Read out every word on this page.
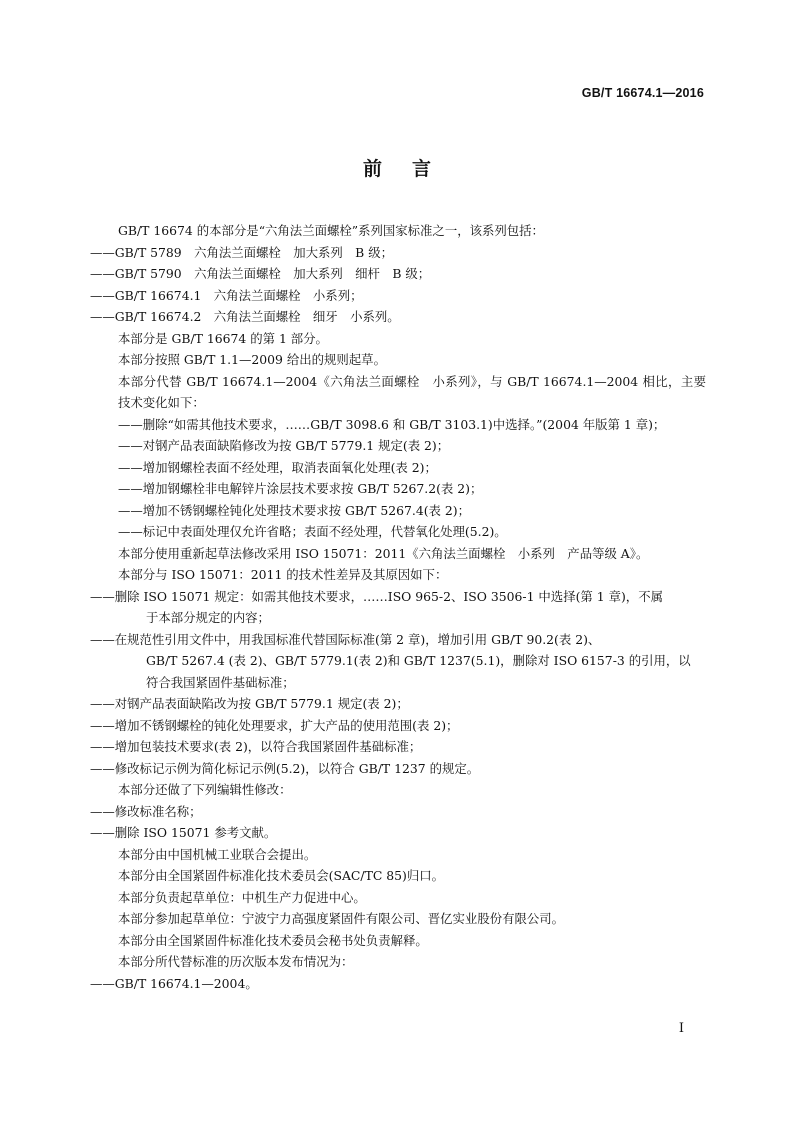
GB/T 16674.1—2016
前言
GB/T 16674 的本部分是“六角法兰面螺栓”系列国家标准之一，该系列包括：
——GB/T 5789　六角法兰面螺栓　加大系列　B 级；
——GB/T 5790　六角法兰面螺栓　加大系列　细杆　B 级；
——GB/T 16674.1　六角法兰面螺栓　小系列；
——GB/T 16674.2　六角法兰面螺栓　细牙　小系列。
本部分是 GB/T 16674 的第 1 部分。
本部分按照 GB/T 1.1—2009 给出的规则起草。
本部分代替 GB/T 16674.1—2004《六角法兰面螺栓　小系列》，与 GB/T 16674.1—2004 相比，主要技术变化如下：
——删除“如需其他技术要求，……GB/T 3098.6 和 GB/T 3103.1)中选择。”(2004 年版第 1 章)；
——对钢产品表面缺陷修改为按 GB/T 5779.1 规定(表 2)；
——增加钢螺栓表面不经处理，取消表面氧化处理(表 2)；
——增加钢螺栓非电解锌片涂层技术要求按 GB/T 5267.2(表 2)；
——增加不锈钢螺栓钝化处理技术要求按 GB/T 5267.4(表 2)；
——标记中表面处理仅允许省略；表面不经处理，代替氧化处理(5.2)。
本部分使用重新起草法修改采用 ISO 15071：2011《六角法兰面螺栓　小系列　产品等级 A》。
本部分与 ISO 15071：2011 的技术性差异及其原因如下：
——删除 ISO 15071 规定：如需其他技术要求，……ISO 965-2、ISO 3506-1 中选择(第 1 章)，不属
于本部分规定的内容；
——在规范性引用文件中，用我国标准代替国际标准(第 2 章)，增加引用 GB/T 90.2(表 2)、
GB/T 5267.4 (表 2)、GB/T 5779.1(表 2)和 GB/T 1237(5.1)，删除对 ISO 6157-3 的引用，以
符合我国紧固件基础标准；
——对钢产品表面缺陷改为按 GB/T 5779.1 规定(表 2)；
——增加不锈钢螺栓的钝化处理要求，扩大产品的使用范围(表 2)；
——增加包装技术要求(表 2)，以符合我国紧固件基础标准；
——修改标记示例为简化标记示例(5.2)，以符合 GB/T 1237 的规定。
本部分还做了下列编辑性修改：
——修改标准名称；
——删除 ISO 15071 参考文献。
本部分由中国机械工业联合会提出。
本部分由全国紧固件标准化技术委员会(SAC/TC 85)归口。
本部分负责起草单位：中机生产力促进中心。
本部分参加起草单位：宁波宁力高强度紧固件有限公司、晋亿实业股份有限公司。
本部分由全国紧固件标准化技术委员会秘书处负责解释。
本部分所代替标准的历次版本发布情况为：
——GB/T 16674.1—2004。
I
